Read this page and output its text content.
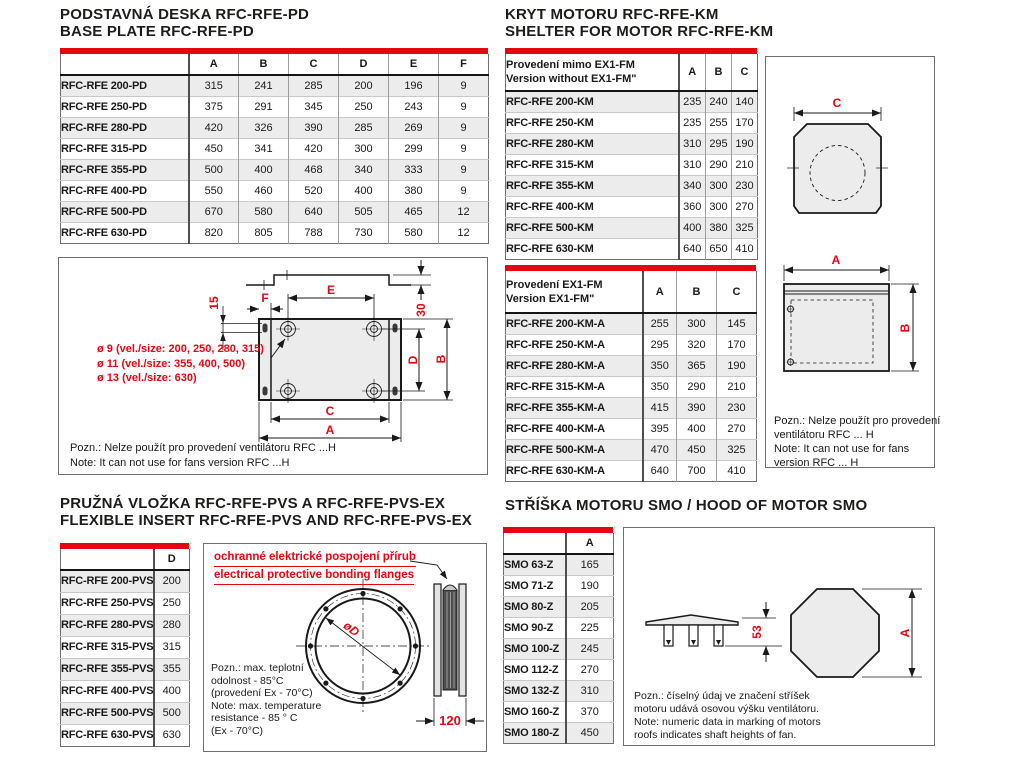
PODSTAVNÁ DESKA RFC-RFE-PD
BASE PLATE RFC-RFE-PD
	A	B	C	D	E	F
RFC-RFE 200-PD	315	241	285	200	196	9
RFC-RFE 250-PD	375	291	345	250	243	9
RFC-RFE 280-PD	420	326	390	285	269	9
RFC-RFE 315-PD	450	341	420	300	299	9
RFC-RFE 355-PD	500	400	468	340	333	9
RFC-RFE 400-PD	550	460	520	400	380	9
RFC-RFE 500-PD	670	580	640	505	465	12
RFC-RFE 630-PD	820	805	788	730	580	12
E
F
15
30
D B
C
A
ø 9 (vel./size: 200, 250, 280, 315)
ø 11 (vel./size: 355, 400, 500)
ø 13 (vel./size: 630)
Pozn.: Nelze použít pro provedení ventilátoru RFC ...H
Note: It can not use for fans version RFC ...H
KRYT MOTORU RFC-RFE-KM
SHELTER FOR MOTOR RFC-RFE-KM
Provedení mimo EX1-FM
Version without EX1-FM"	A	B	C
RFC-RFE 200-KM	235	240	140
RFC-RFE 250-KM	235	255	170
RFC-RFE 280-KM	310	295	190
RFC-RFE 315-KM	310	290	210
RFC-RFE 355-KM	340	300	230
RFC-RFE 400-KM	360	300	270
RFC-RFE 500-KM	400	380	325
RFC-RFE 630-KM	640	650	410
Provedení EX1-FM
Version EX1-FM"	A	B	C
RFC-RFE 200-KM-A	255	300	145
RFC-RFE 250-KM-A	295	320	170
RFC-RFE 280-KM-A	350	365	190
RFC-RFE 315-KM-A	350	290	210
RFC-RFE 355-KM-A	415	390	230
RFC-RFE 400-KM-A	395	400	270
RFC-RFE 500-KM-A	470	450	325
RFC-RFE 630-KM-A	640	700	410
C
A
B
Pozn.: Nelze použít pro provedení
ventilátoru RFC ... H
Note: It can not use for fans
version RFC ... H
PRUŽNÁ VLOŽKA RFC-RFE-PVS A RFC-RFE-PVS-EX
FLEXIBLE INSERT RFC-RFE-PVS AND RFC-RFE-PVS-EX
	D
RFC-RFE 200-PVS	200
RFC-RFE 250-PVS	250
RFC-RFE 280-PVS	280
RFC-RFE 315-PVS	315
RFC-RFE 355-PVS	355
RFC-RFE 400-PVS	400
RFC-RFE 500-PVS	500
RFC-RFE 630-PVS	630
øD
120
ochranné elektrické pospojení přírub
electrical protective bonding flanges
Pozn.: max. teplotní
odolnost - 85°C
(provedení Ex - 70°C)
Note: max. temperature
resistance - 85 ° C
(Ex - 70°C)
STŘÍŠKA MOTORU SMO / HOOD OF MOTOR SMO
	A
SMO 63-Z	165
SMO 71-Z	190
SMO 80-Z	205
SMO 90-Z	225
SMO 100-Z	245
SMO 112-Z	270
SMO 132-Z	310
SMO 160-Z	370
SMO 180-Z	450
53	A
Pozn.: číselný údaj ve značení stříšek
motoru udává osovou výšku ventilátoru.
Note: numeric data in marking of motors
roofs indicates shaft heights of fan.
